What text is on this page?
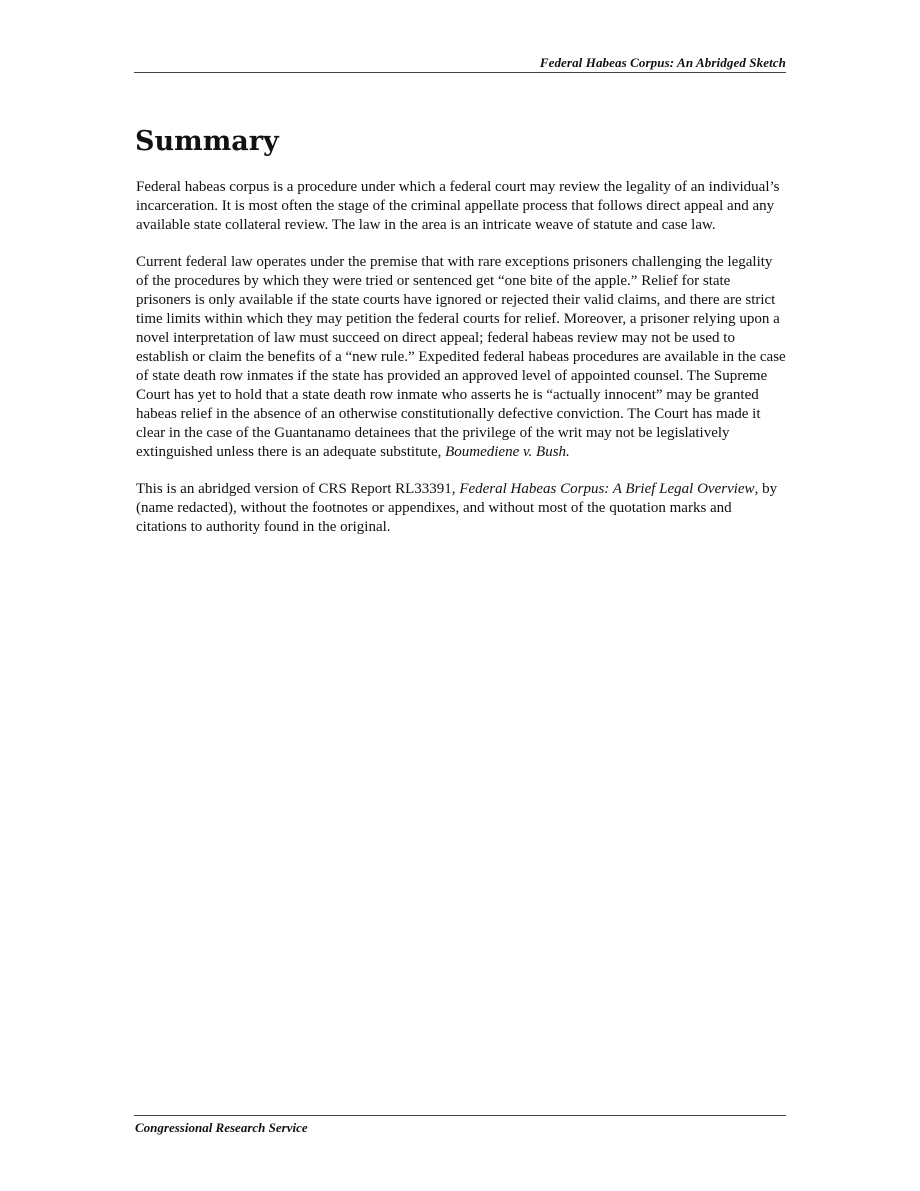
Federal Habeas Corpus: An Abridged Sketch
Summary

Federal habeas corpus is a procedure under which a federal court may review the legality of an individual’s incarceration. It is most often the stage of the criminal appellate process that follows direct appeal and any available state collateral review. The law in the area is an intricate weave of statute and case law.

Current federal law operates under the premise that with rare exceptions prisoners challenging the legality of the procedures by which they were tried or sentenced get “one bite of the apple.” Relief for state prisoners is only available if the state courts have ignored or rejected their valid claims, and there are strict time limits within which they may petition the federal courts for relief. Moreover, a prisoner relying upon a novel interpretation of law must succeed on direct appeal; federal habeas review may not be used to establish or claim the benefits of a “new rule.” Expedited federal habeas procedures are available in the case of state death row inmates if the state has provided an approved level of appointed counsel. The Supreme Court has yet to hold that a state death row inmate who asserts he is “actually innocent” may be granted habeas relief in the absence of an otherwise constitutionally defective conviction. The Court has made it clear in the case of the Guantanamo detainees that the privilege of the writ may not be legislatively extinguished unless there is an adequate substitute, Boumediene v. Bush.

This is an abridged version of CRS Report RL33391, Federal Habeas Corpus: A Brief Legal Overview, by (name redacted), without the footnotes or appendixes, and without most of the quotation marks and citations to authority found in the original.

Congressional Research Service
